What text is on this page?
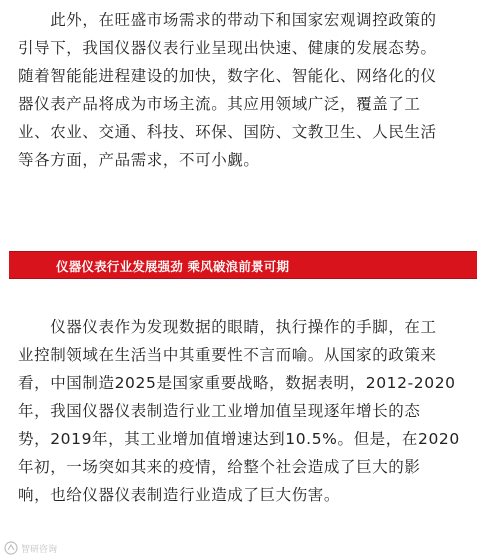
　　此外，在旺盛市场需求的带动下和国家宏观调控政策的
引导下，我国仪器仪表行业呈现出快速、健康的发展态势。
随着智能能进程建设的加快，数字化、智能化、网络化的仪
器仪表产品将成为市场主流。其应用领域广泛，覆盖了工
业、农业、交通、科技、环保、国防、文教卫生、人民生活
等各方面，产品需求，不可小觑。
仪器仪表行业发展强劲 乘风破浪前景可期
　　仪器仪表作为发现数据的眼睛，执行操作的手脚，在工
业控制领域在生活当中其重要性不言而喻。从国家的政策来
看，中国制造2025是国家重要战略，数据表明，2012-2020
年，我国仪器仪表制造行业工业增加值呈现逐年增长的态
势，2019年，其工业增加值增速达到10.5%。但是，在2020
年初，一场突如其来的疫情，给整个社会造成了巨大的影
响，也给仪器仪表制造行业造成了巨大伤害。
智研咨询
